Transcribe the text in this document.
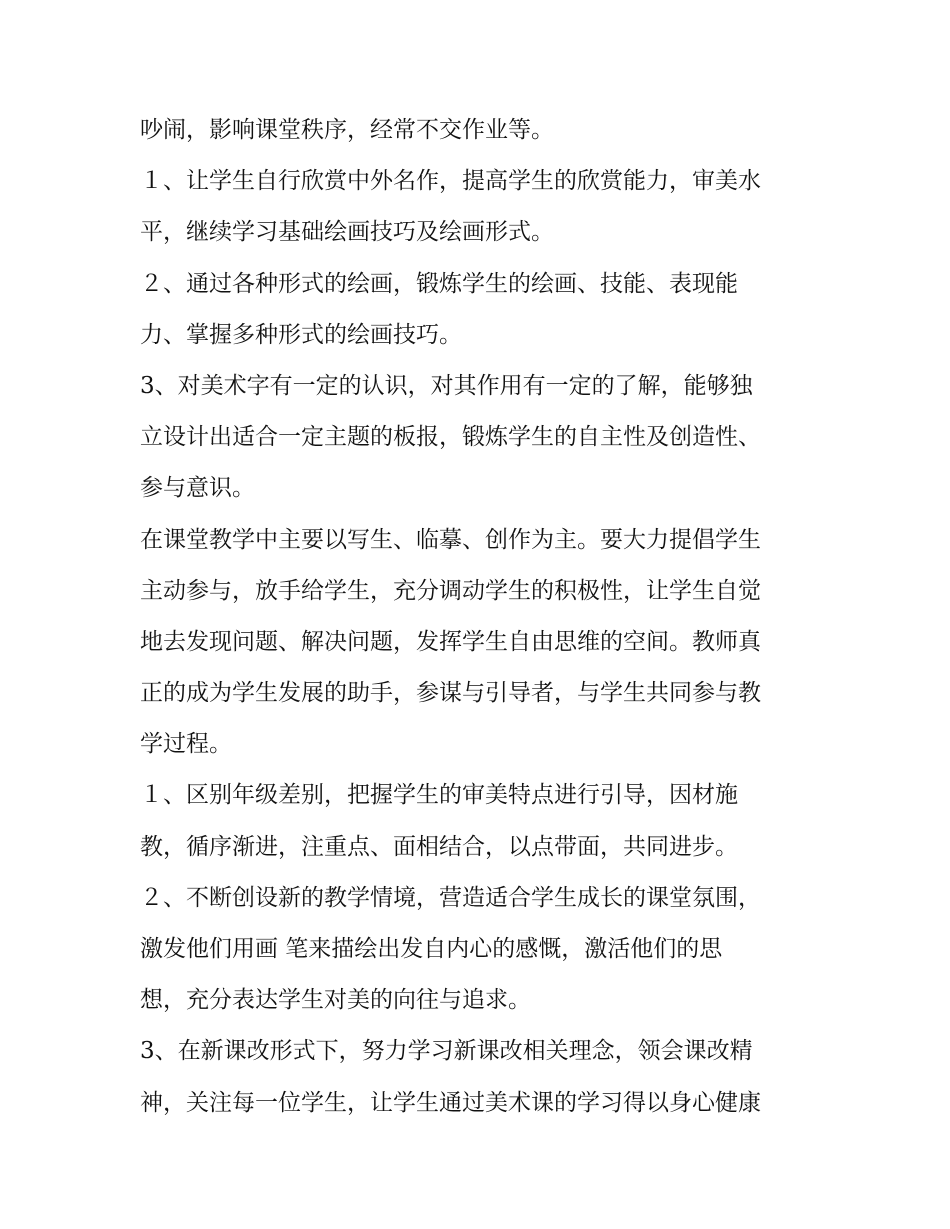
吵闹，影响课堂秩序，经常不交作业等。
１、让学生自行欣赏中外名作，提高学生的欣赏能力，审美水
平，继续学习基础绘画技巧及绘画形式。
２、通过各种形式的绘画，锻炼学生的绘画、技能、表现能
力、掌握多种形式的绘画技巧。
3、对美术字有一定的认识，对其作用有一定的了解，能够独
立设计出适合一定主题的板报，锻炼学生的自主性及创造性、
参与意识。
在课堂教学中主要以写生、临摹、创作为主。要大力提倡学生
主动参与，放手给学生，充分调动学生的积极性，让学生自觉
地去发现问题、解决问题，发挥学生自由思维的空间。教师真
正的成为学生发展的助手，参谋与引导者，与学生共同参与教
学过程。
１、区别年级差别，把握学生的审美特点进行引导，因材施
教，循序渐进，注重点、面相结合，以点带面，共同进步。
２、不断创设新的教学情境，营造适合学生成长的课堂氛围，
激发他们用画 笔来描绘出发自内心的感慨，激活他们的思
想，充分表达学生对美的向往与追求。
3、在新课改形式下，努力学习新课改相关理念，领会课改精
神，关注每一位学生，让学生通过美术课的学习得以身心健康
